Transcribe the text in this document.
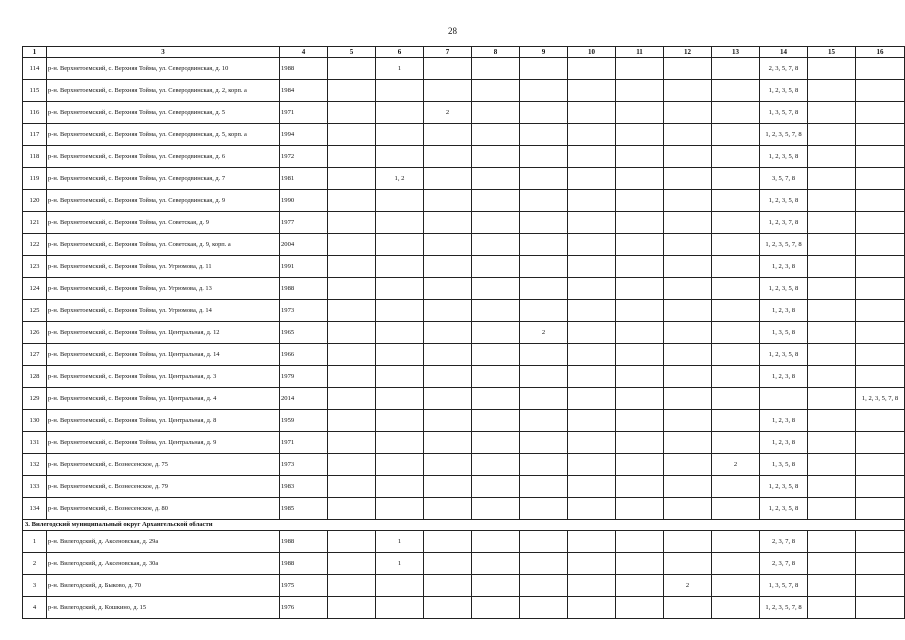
28
1	3	4	5	6	7	8	9	10	11	12	13	14	15	16
114	р-н. Верхнетоемский, с. Верхняя Тойма, ул. Северодвинская, д. 10	1988		1								2, 3, 5, 7, 8		
115	р-н. Верхнетоемский, с. Верхняя Тойма, ул. Северодвинская, д. 2, корп. а	1984										1, 2, 3, 5, 8		
116	р-н. Верхнетоемский, с. Верхняя Тойма, ул. Северодвинская, д. 5	1971			2							1, 3, 5, 7, 8		
117	р-н. Верхнетоемский, с. Верхняя Тойма, ул. Северодвинская, д. 5, корп. а	1994										1, 2, 3, 5, 7, 8		
118	р-н. Верхнетоемский, с. Верхняя Тойма, ул. Северодвинская, д. 6	1972										1, 2, 3, 5, 8		
119	р-н. Верхнетоемский, с. Верхняя Тойма, ул. Северодвинская, д. 7	1981		1, 2								3, 5, 7, 8		
120	р-н. Верхнетоемский, с. Верхняя Тойма, ул. Северодвинская, д. 9	1990										1, 2, 3, 5, 8		
121	р-н. Верхнетоемский, с. Верхняя Тойма, ул. Советская, д. 9	1977										1, 2, 3, 7, 8		
122	р-н. Верхнетоемский, с. Верхняя Тойма, ул. Советская, д. 9, корп. а	2004										1, 2, 3, 5, 7, 8		
123	р-н. Верхнетоемский, с. Верхняя Тойма, ул. Угрюмова, д. 11	1991										1, 2, 3, 8		
124	р-н. Верхнетоемский, с. Верхняя Тойма, ул. Угрюмова, д. 13	1988										1, 2, 3, 5, 8		
125	р-н. Верхнетоемский, с. Верхняя Тойма, ул. Угрюмова, д. 14	1973										1, 2, 3, 8		
126	р-н. Верхнетоемский, с. Верхняя Тойма, ул. Центральная, д. 12	1965					2					1, 3, 5, 8		
127	р-н. Верхнетоемский, с. Верхняя Тойма, ул. Центральная, д. 14	1966										1, 2, 3, 5, 8		
128	р-н. Верхнетоемский, с. Верхняя Тойма, ул. Центральная, д. 3	1979										1, 2, 3, 8		
129	р-н. Верхнетоемский, с. Верхняя Тойма, ул. Центральная, д. 4	2014												1, 2, 3, 5, 7, 8
130	р-н. Верхнетоемский, с. Верхняя Тойма, ул. Центральная, д. 8	1959										1, 2, 3, 8		
131	р-н. Верхнетоемский, с. Верхняя Тойма, ул. Центральная, д. 9	1971										1, 2, 3, 8		
132	р-н. Верхнетоемский, с. Вознесенское, д. 75	1973									2	1, 3, 5, 8		
133	р-н. Верхнетоемский, с. Вознесенское, д. 79	1983										1, 2, 3, 5, 8		
134	р-н. Верхнетоемский, с. Вознесенское, д. 80	1985										1, 2, 3, 5, 8		
3. Вилегодский муниципальный округ Архангельской области														
1	р-н. Вилегодский, д. Аксеновская, д. 29а	1988		1								2, 3, 7, 8		
2	р-н. Вилегодский, д. Аксеновская, д. 30а	1988		1								2, 3, 7, 8		
3	р-н. Вилегодский, д. Быково, д. 70	1975								2		1, 3, 5, 7, 8		
4	р-н. Вилегодский, д. Кошкино, д. 15	1976										1, 2, 3, 5, 7, 8		
